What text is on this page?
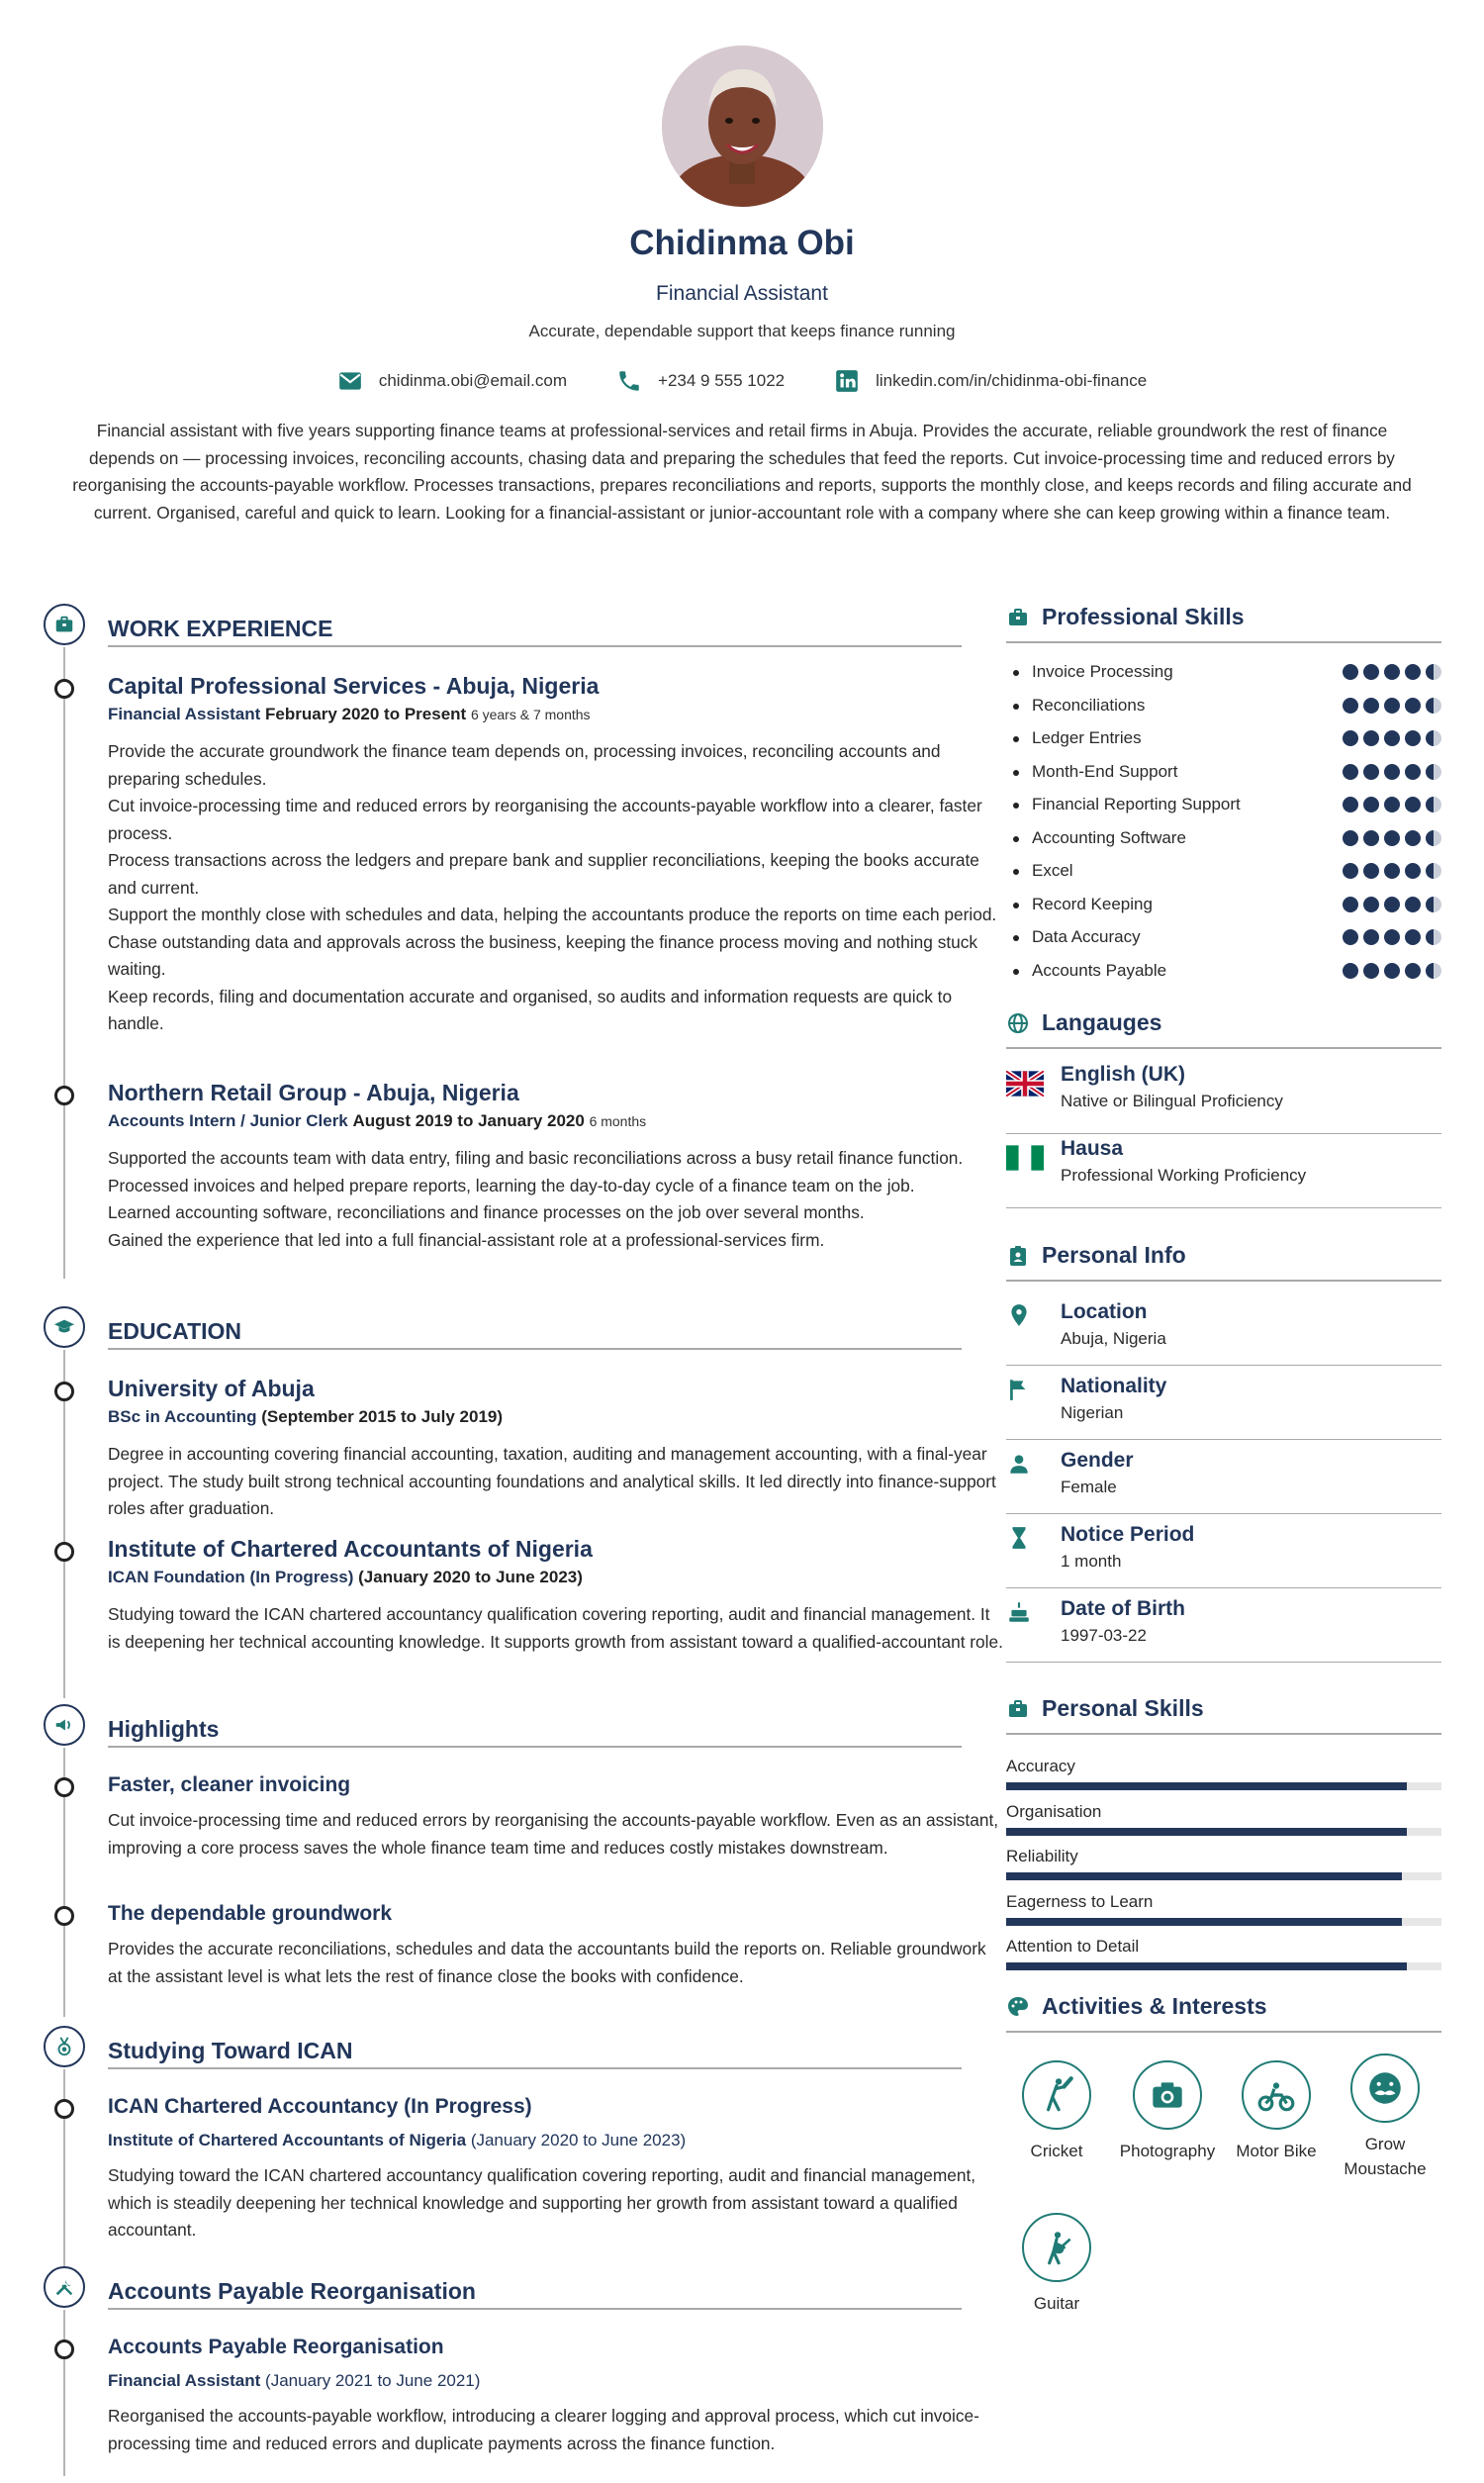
Chidinma Obi
Financial Assistant
Accurate, dependable support that keeps finance running
chidinma.obi@email.com	+234 9 555 1022	linkedin.com/in/chidinma-obi-finance
Financial assistant with five years supporting finance teams at professional-services and retail firms in Abuja. Provides the accurate, reliable groundwork the rest of finance depends on — processing invoices, reconciling accounts, chasing data and preparing the schedules that feed the reports. Cut invoice-processing time and reduced errors by reorganising the accounts-payable workflow. Processes transactions, prepares reconciliations and reports, supports the monthly close, and keeps records and filing accurate and current. Organised, careful and quick to learn. Looking for a financial-assistant or junior-accountant role with a company where she can keep growing within a finance team.
WORK EXPERIENCE
Capital Professional Services - Abuja, Nigeria
Financial Assistant February 2020 to Present 6 years & 7 months
Provide the accurate groundwork the finance team depends on, processing invoices, reconciling accounts and preparing schedules.
Cut invoice-processing time and reduced errors by reorganising the accounts-payable workflow into a clearer, faster process.
Process transactions across the ledgers and prepare bank and supplier reconciliations, keeping the books accurate and current.
Support the monthly close with schedules and data, helping the accountants produce the reports on time each period.
Chase outstanding data and approvals across the business, keeping the finance process moving and nothing stuck waiting.
Keep records, filing and documentation accurate and organised, so audits and information requests are quick to handle.
Northern Retail Group - Abuja, Nigeria
Accounts Intern / Junior Clerk August 2019 to January 2020 6 months
Supported the accounts team with data entry, filing and basic reconciliations across a busy retail finance function.
Processed invoices and helped prepare reports, learning the day-to-day cycle of a finance team on the job.
Learned accounting software, reconciliations and finance processes on the job over several months.
Gained the experience that led into a full financial-assistant role at a professional-services firm.
EDUCATION
University of Abuja
BSc in Accounting (September 2015 to July 2019)
Degree in accounting covering financial accounting, taxation, auditing and management accounting, with a final-year project. The study built strong technical accounting foundations and analytical skills. It led directly into finance-support roles after graduation.
Institute of Chartered Accountants of Nigeria
ICAN Foundation (In Progress) (January 2020 to June 2023)
Studying toward the ICAN chartered accountancy qualification covering reporting, audit and financial management. It is deepening her technical accounting knowledge. It supports growth from assistant toward a qualified-accountant role.
Highlights
Faster, cleaner invoicing
Cut invoice-processing time and reduced errors by reorganising the accounts-payable workflow. Even as an assistant, improving a core process saves the whole finance team time and reduces costly mistakes downstream.
The dependable groundwork
Provides the accurate reconciliations, schedules and data the accountants build the reports on. Reliable groundwork at the assistant level is what lets the rest of finance close the books with confidence.
Studying Toward ICAN
ICAN Chartered Accountancy (In Progress)
Institute of Chartered Accountants of Nigeria (January 2020 to June 2023)
Studying toward the ICAN chartered accountancy qualification covering reporting, audit and financial management, which is steadily deepening her technical knowledge and supporting her growth from assistant toward a qualified accountant.
Accounts Payable Reorganisation
Accounts Payable Reorganisation
Financial Assistant (January 2021 to June 2021)
Reorganised the accounts-payable workflow, introducing a clearer logging and approval process, which cut invoice-processing time and reduced errors and duplicate payments across the finance function.
Professional Skills
Invoice Processing
Reconciliations
Ledger Entries
Month-End Support
Financial Reporting Support
Accounting Software
Excel
Record Keeping
Data Accuracy
Accounts Payable
Langauges
English (UK)
Native or Bilingual Proficiency
Hausa
Professional Working Proficiency
Personal Info
Location
Abuja, Nigeria
Nationality
Nigerian
Gender
Female
Notice Period
1 month
Date of Birth
1997-03-22
Personal Skills
Accuracy
Organisation
Reliability
Eagerness to Learn
Attention to Detail
Activities & Interests
Cricket	Photography	Motor Bike	Grow Moustache
Guitar
